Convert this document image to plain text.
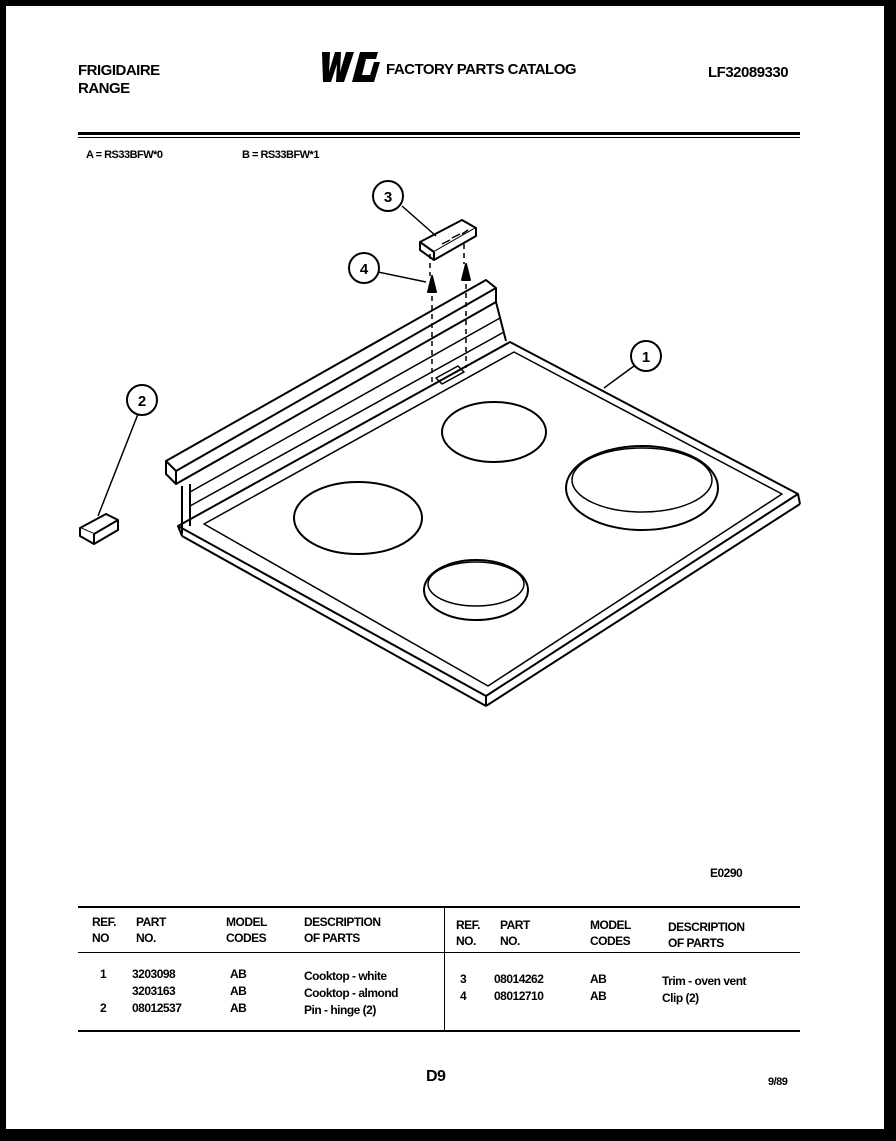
FRIGIDAIRE
RANGE
FACTORY PARTS CATALOG	LF32089330
A = RS33BFW*0	B = RS33BFW*1
1
2
3
4
E0290
REF.
NO
PART
NO.
MODEL
CODES
DESCRIPTION
OF PARTS
REF.
NO.
PART
NO.
MODEL
CODES
DESCRIPTION
OF PARTS
1 3203098	AB	Cooktop - white
3203163	AB	Cooktop - almond
2 08012537	AB	Pin - hinge (2)
3 08014262	AB	Trim - oven vent
4 08012710	AB	Clip (2)
D9	9/89
